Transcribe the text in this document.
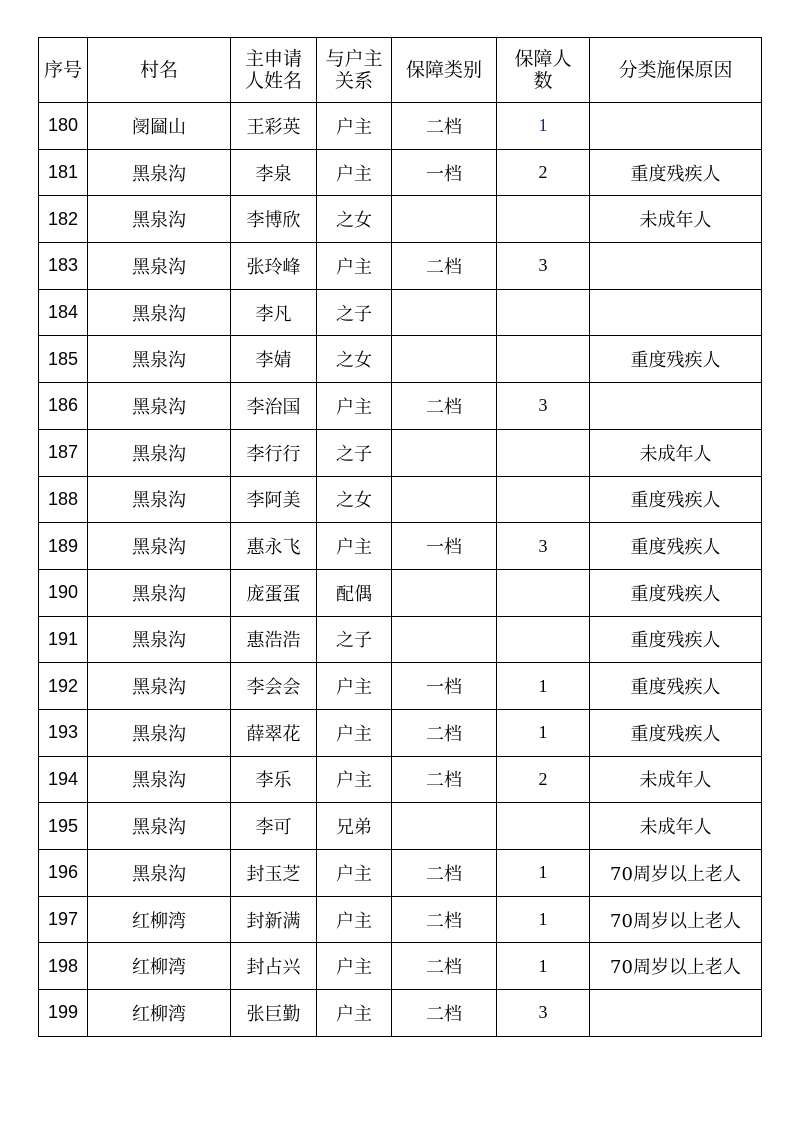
序号	村名	主申请人姓名	与户主关系	保障类别	保障人数	分类施保原因
180	阌圙山	王彩英	户主	二档	1	
181	黑泉沟	李泉	户主	一档	2	重度残疾人
182	黑泉沟	李博欣	之女			未成年人
183	黑泉沟	张玲峰	户主	二档	3	
184	黑泉沟	李凡	之子			
185	黑泉沟	李婧	之女			重度残疾人
186	黑泉沟	李治国	户主	二档	3	
187	黑泉沟	李行行	之子			未成年人
188	黑泉沟	李阿美	之女			重度残疾人
189	黑泉沟	惠永飞	户主	一档	3	重度残疾人
190	黑泉沟	庞蛋蛋	配偶			重度残疾人
191	黑泉沟	惠浩浩	之子			重度残疾人
192	黑泉沟	李会会	户主	一档	1	重度残疾人
193	黑泉沟	薛翠花	户主	二档	1	重度残疾人
194	黑泉沟	李乐	户主	二档	2	未成年人
195	黑泉沟	李可	兄弟			未成年人
196	黑泉沟	封玉芝	户主	二档	1	70周岁以上老人
197	红柳湾	封新满	户主	二档	1	70周岁以上老人
198	红柳湾	封占兴	户主	二档	1	70周岁以上老人
199	红柳湾	张巨勤	户主	二档	3	
